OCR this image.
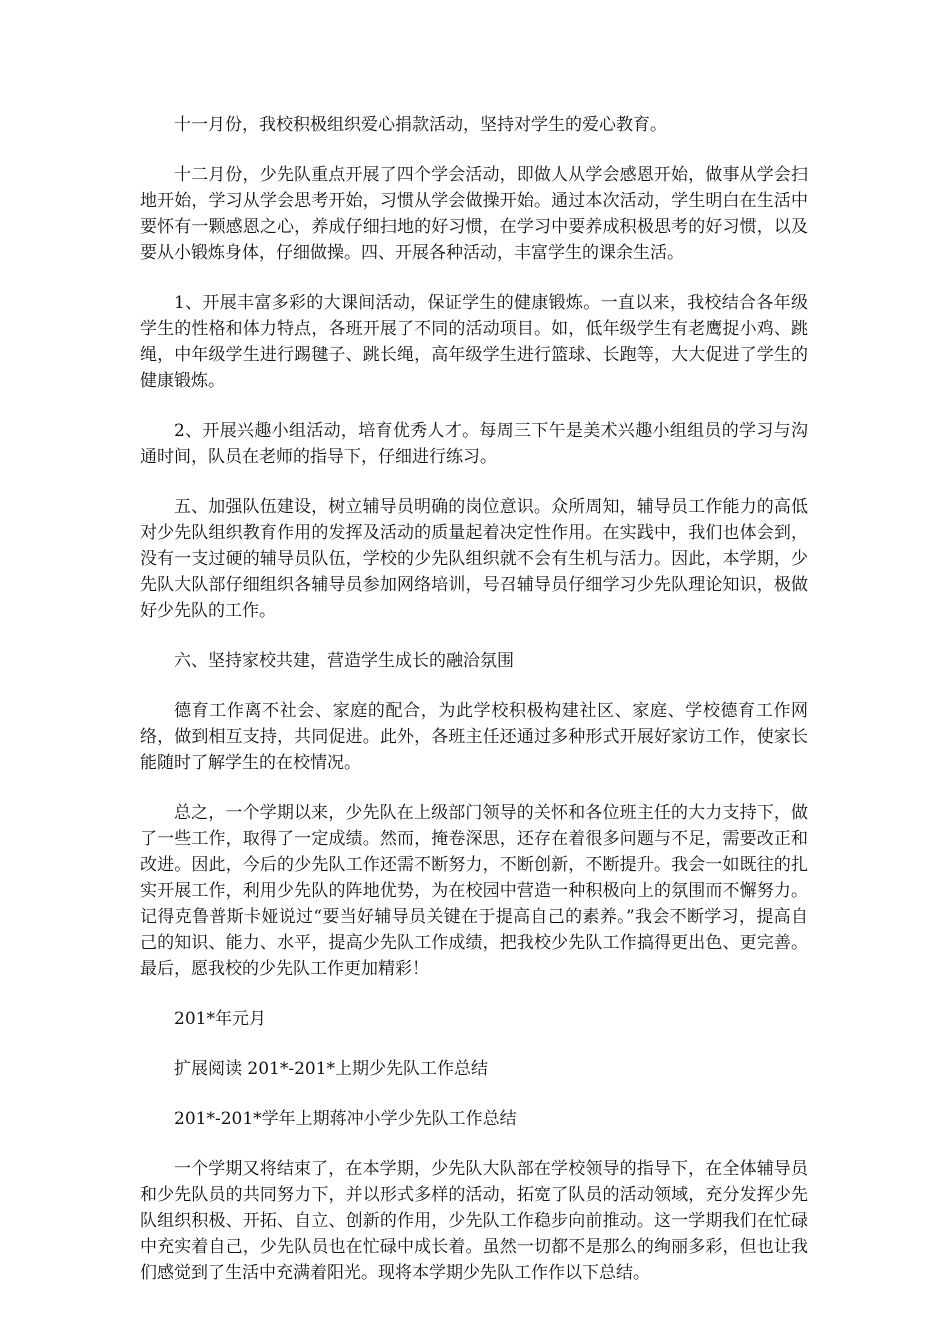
十一月份，我校积极组织爱心捐款活动，坚持对学生的爱心教育。

十二月份，少先队重点开展了四个学会活动，即做人从学会感恩开始，做事从学会扫地开始，学习从学会思考开始，习惯从学会做操开始。通过本次活动，学生明白在生活中要怀有一颗感恩之心，养成仔细扫地的好习惯，在学习中要养成积极思考的好习惯，以及要从小锻炼身体，仔细做操。四、开展各种活动，丰富学生的课余生活。

1、开展丰富多彩的大课间活动，保证学生的健康锻炼。一直以来，我校结合各年级学生的性格和体力特点，各班开展了不同的活动项目。如，低年级学生有老鹰捉小鸡、跳绳，中年级学生进行踢毽子、跳长绳，高年级学生进行篮球、长跑等，大大促进了学生的健康锻炼。

2、开展兴趣小组活动，培育优秀人才。每周三下午是美术兴趣小组组员的学习与沟通时间，队员在老师的指导下，仔细进行练习。

五、加强队伍建设，树立辅导员明确的岗位意识。众所周知，辅导员工作能力的高低对少先队组织教育作用的发挥及活动的质量起着决定性作用。在实践中，我们也体会到，没有一支过硬的辅导员队伍，学校的少先队组织就不会有生机与活力。因此，本学期，少先队大队部仔细组织各辅导员参加网络培训，号召辅导员仔细学习少先队理论知识，极做好少先队的工作。

六、坚持家校共建，营造学生成长的融洽氛围

德育工作离不社会、家庭的配合，为此学校积极构建社区、家庭、学校德育工作网络，做到相互支持，共同促进。此外，各班主任还通过多种形式开展好家访工作，使家长能随时了解学生的在校情况。

总之，一个学期以来，少先队在上级部门领导的关怀和各位班主任的大力支持下，做了一些工作，取得了一定成绩。然而，掩卷深思，还存在着很多问题与不足，需要改正和改进。因此，今后的少先队工作还需不断努力，不断创新，不断提升。我会一如既往的扎实开展工作，利用少先队的阵地优势，为在校园中营造一种积极向上的氛围而不懈努力。记得克鲁普斯卡娅说过“要当好辅导员关键在于提高自己的素养。”我会不断学习，提高自己的知识、能力、水平，提高少先队工作成绩，把我校少先队工作搞得更出色、更完善。最后，愿我校的少先队工作更加精彩！

201*年元月

扩展阅读 201*-201*上期少先队工作总结

201*-201*学年上期蒋冲小学少先队工作总结

一个学期又将结束了，在本学期，少先队大队部在学校领导的指导下，在全体辅导员和少先队员的共同努力下，并以形式多样的活动，拓宽了队员的活动领域，充分发挥少先队组织积极、开拓、自立、创新的作用，少先队工作稳步向前推动。这一学期我们在忙碌中充实着自己，少先队员也在忙碌中成长着。虽然一切都不是那么的绚丽多彩，但也让我们感觉到了生活中充满着阳光。现将本学期少先队工作作以下总结。
